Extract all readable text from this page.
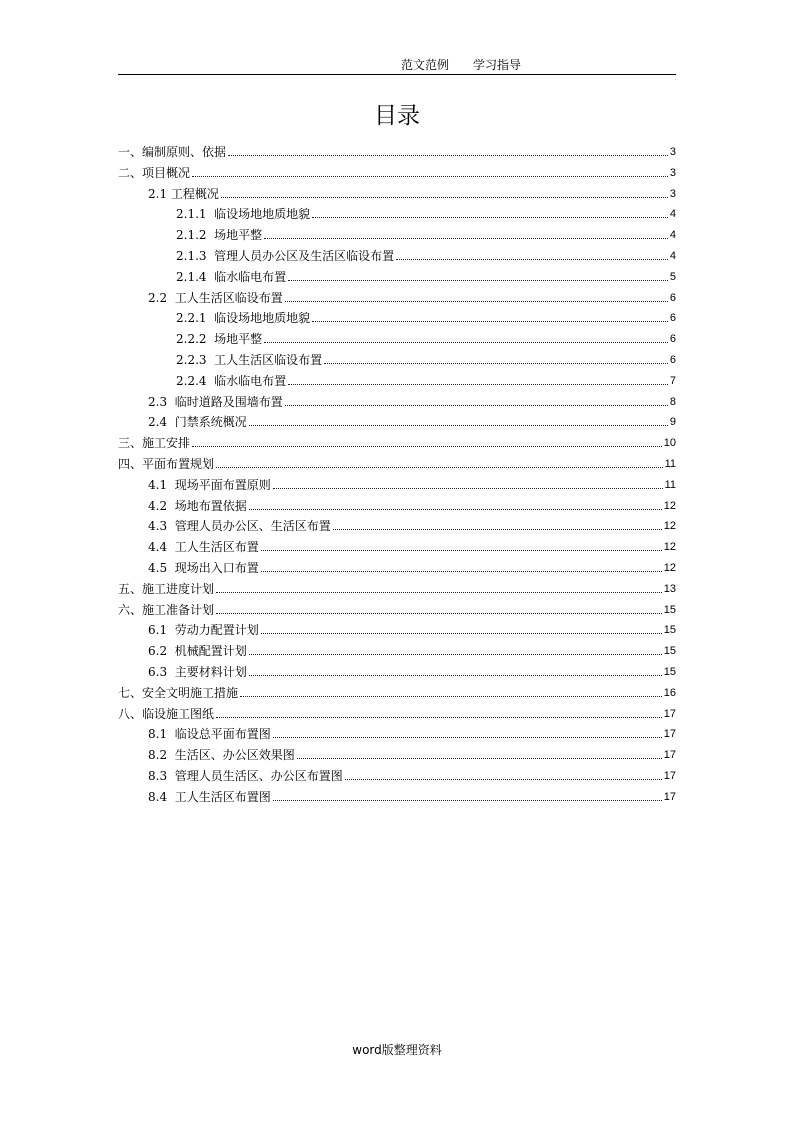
范文范例 学习指导
目录
一、 编制原则、依据	3
二、 项目概况	3
2.1 工程概况	3
2.1.1 临设场地地质地貌	4
2.1.2 场地平整	4
2.1.3 管理人员办公区及生活区临设布置	4
2.1.4 临水临电布置	5
2.2 工人生活区临设布置	6
2.2.1 临设场地地质地貌	6
2.2.2 场地平整	6
2.2.3 工人生活区临设布置	6
2.2.4 临水临电布置	7
2.3 临时道路及围墙布置	8
2.4 门禁系统概况	9
三、 施工安排	10
四、 平面布置规划	11
4.1 现场平面布置原则	11
4.2 场地布置依据	12
4.3 管理人员办公区、生活区布置	12
4.4 工人生活区布置	12
4.5 现场出入口布置	12
五、 施工进度计划	13
六、 施工准备计划	15
6.1 劳动力配置计划	15
6.2 机械配置计划	15
6.3 主要材料计划	15
七、 安全文明施工措施	16
八、 临设施工图纸	17
8.1 临设总平面布置图	17
8.2 生活区、办公区效果图	17
8.3 管理人员生活区、办公区布置图	17
8.4 工人生活区布置图	17
word版整理资料
